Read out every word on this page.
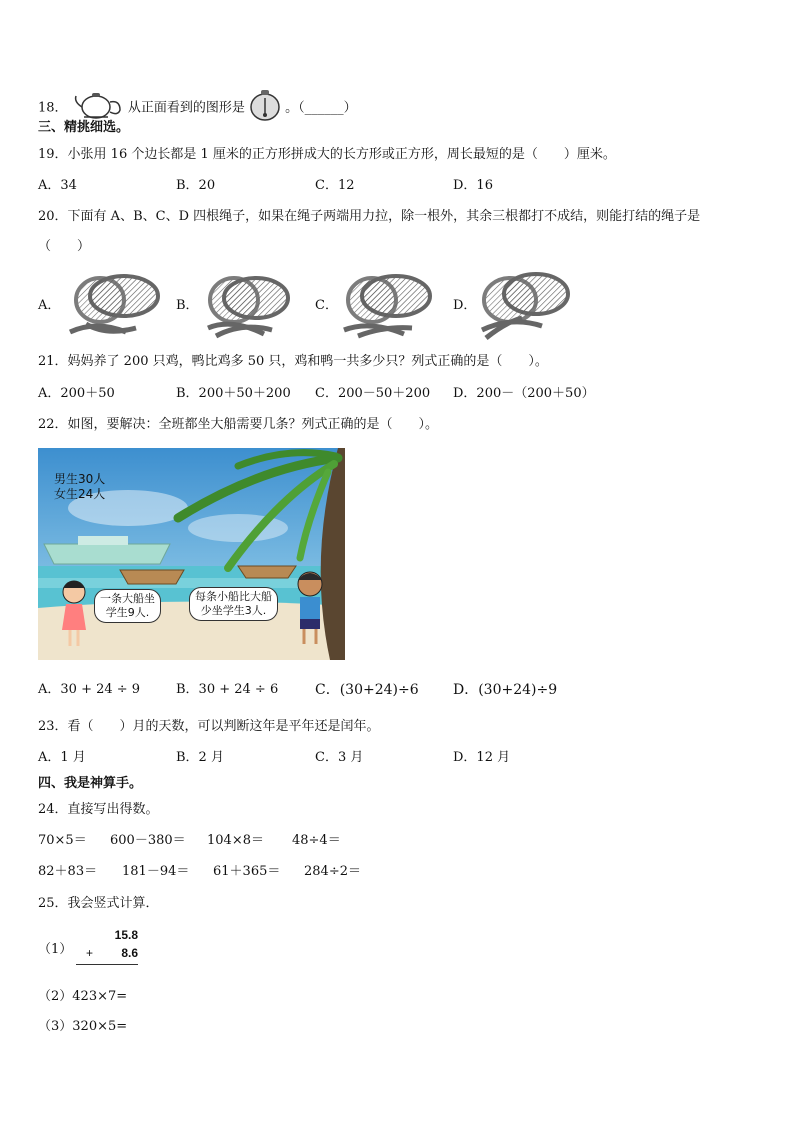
18．	从正面看到的图形是	。（______）
三、精挑细选。
19．小张用 16 个边长都是 1 厘米的正方形拼成大的长方形或正方形，周长最短的是（　　）厘米。
A．34	B．20	C．12	D．16
20．下面有 A、B、C、D 四根绳子，如果在绳子两端用力拉，除一根外，其余三根都打不成结，则能打结的绳子是
（　　）
A．	B．	C．	D．
21．妈妈养了 200 只鸡，鸭比鸡多 50 只，鸡和鸭一共多少只？列式正确的是（　　）。
A．200＋50	B．200＋50＋200 C．200－50＋200 D．200－（200＋50）
22．如图，要解决：全班都坐大船需要几条？列式正确的是（　　）。
男生30人
女生24人
一条大船坐
学生9人.
每条小船比大船
少坐学生3人.
A．30 + 24 ÷ 9	B．30 + 24 ÷ 6	C．(30+24)÷6 D．(30+24)÷9
23．看（　　）月的天数，可以判断这年是平年还是闰年。
A．1 月	B．2 月	C．3 月	D．12 月
四、我是神算手。
24．直接写出得数。
70×5＝ 600－380＝ 104×8＝ 48÷4＝
82＋83＝ 181－94＝ 61＋365＝ 284÷2＝
25．我会竖式计算．
（1）
15.8
+ 8.6
（2）423×7=
（3）320×5=
